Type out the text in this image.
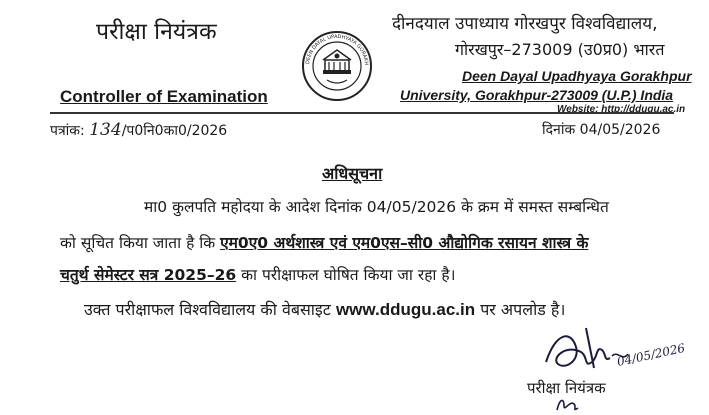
परीक्षा नियंत्रक
Controller of Examination
DEEN DAYAL UPADHYAYA GORAKH
दीनदयाल उपाध्याय गोरखपुर विश्वविद्यालय,
गोरखपुर–273009 (उ0प्र0) भारत
Deen Dayal Upadhyaya Gorakhpur
University, Gorakhpur-273009 (U.P.) India
Website: http://ddugu.ac.in
पत्रांक: 134/प0नि0का0/2026	दिनांक 04/05/2026
अधिसूचना
मा0 कुलपति महोदया के आदेश दिनांक 04/05/2026 के क्रम में समस्त सम्बन्धित
को सूचित किया जाता है कि एम0ए0 अर्थशास्त्र एवं एम0एस–सी0 औद्योगिक रसायन शास्त्र के
चतुर्थ सेमेस्टर सत्र 2025–26 का परीक्षाफल घोषित किया जा रहा है।
उक्त परीक्षाफल विश्वविद्यालय की वेबसाइट www.ddugu.ac.in पर अपलोड है।
04/05/2026
परीक्षा नियंत्रक
